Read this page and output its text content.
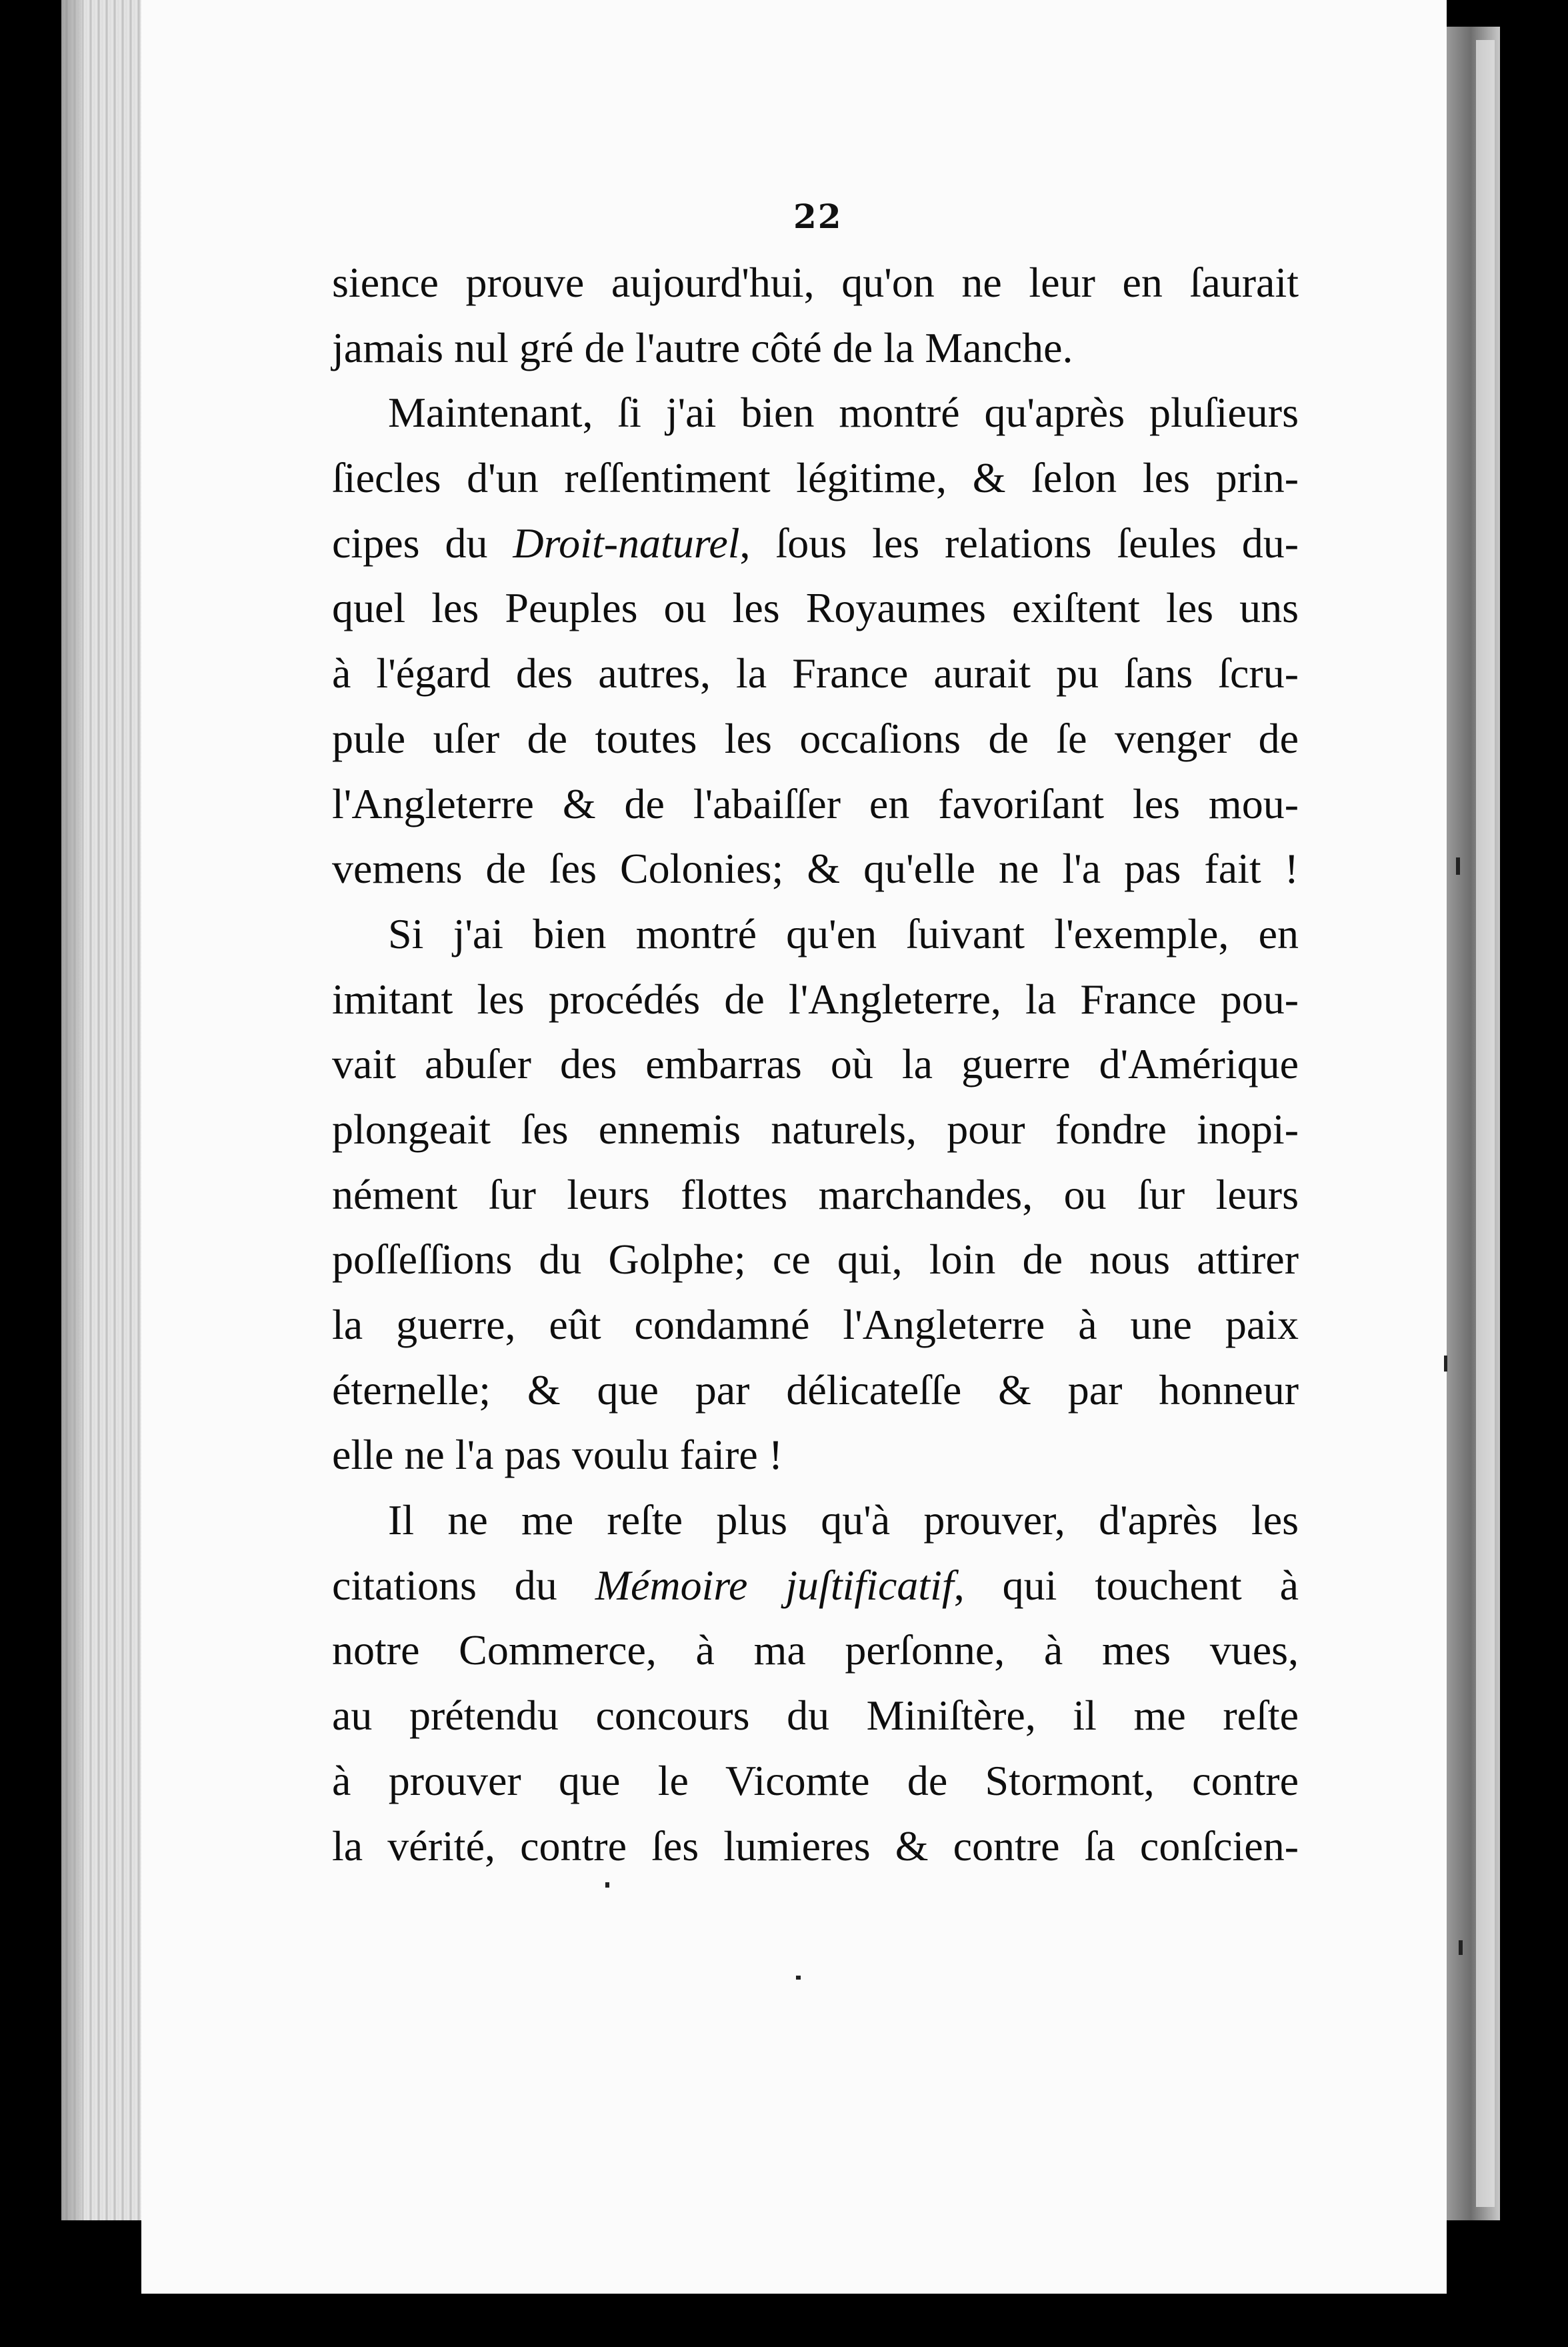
22
sience prouve aujourd'hui, qu'on ne leur en ſaurait
jamais nul gré de l'autre côté de la Manche.
Maintenant, ſi j'ai bien montré qu'après pluſieurs
ſiecles d'un reſſentiment légitime, & ſelon les prin-
cipes du Droit-naturel, ſous les relations ſeules du-
quel les Peuples ou les Royaumes exiſtent les uns
à l'égard des autres, la France aurait pu ſans ſcru-
pule uſer de toutes les occaſions de ſe venger de
l'Angleterre & de l'abaiſſer en favoriſant les mou-
vemens de ſes Colonies; & qu'elle ne l'a pas fait !
Si j'ai bien montré qu'en ſuivant l'exemple, en
imitant les procédés de l'Angleterre, la France pou-
vait abuſer des embarras où la guerre d'Amérique
plongeait ſes ennemis naturels, pour fondre inopi-
nément ſur leurs flottes marchandes, ou ſur leurs
poſſeſſions du Golphe; ce qui, loin de nous attirer
la guerre, eût condamné l'Angleterre à une paix
éternelle; & que par délicateſſe & par honneur
elle ne l'a pas voulu faire !
Il ne me reſte plus qu'à prouver, d'après les
citations du Mémoire juſtificatif, qui touchent à
notre Commerce, à ma perſonne, à mes vues,
au prétendu concours du Miniſtère, il me reſte
à prouver que le Vicomte de Stormont, contre
la vérité, contre ſes lumieres & contre ſa conſcien-
